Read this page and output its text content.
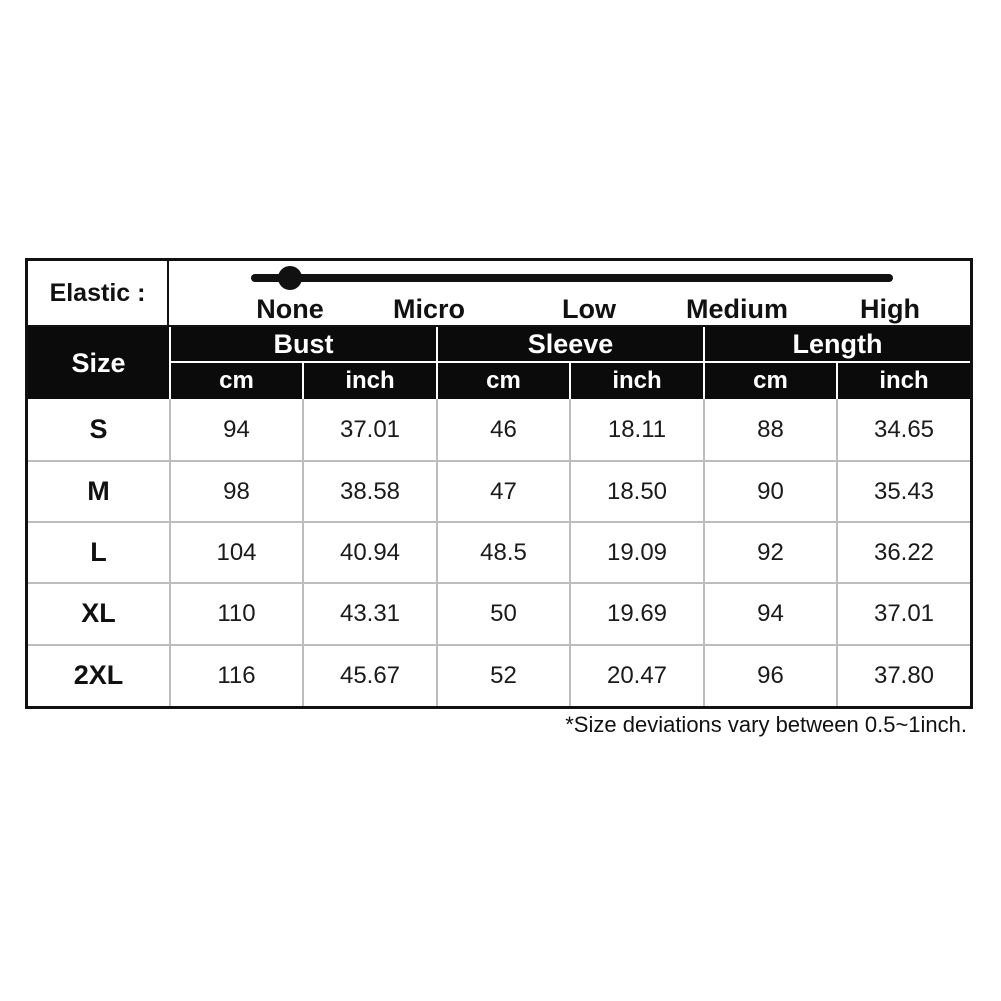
Elastic :
None	Micro	Low	Medium	High
Size
Bust	Sleeve	Length
cm	inch	cm	inch	cm	inch
S	94	37.01	46	18.11	88	34.65
M	98	38.58	47	18.50	90	35.43
L	104	40.94	48.5	19.09	92	36.22
XL	110	43.31	50	19.69	94	37.01
2XL	116	45.67	52	20.47	96	37.80
*Size deviations vary between 0.5~1inch.
